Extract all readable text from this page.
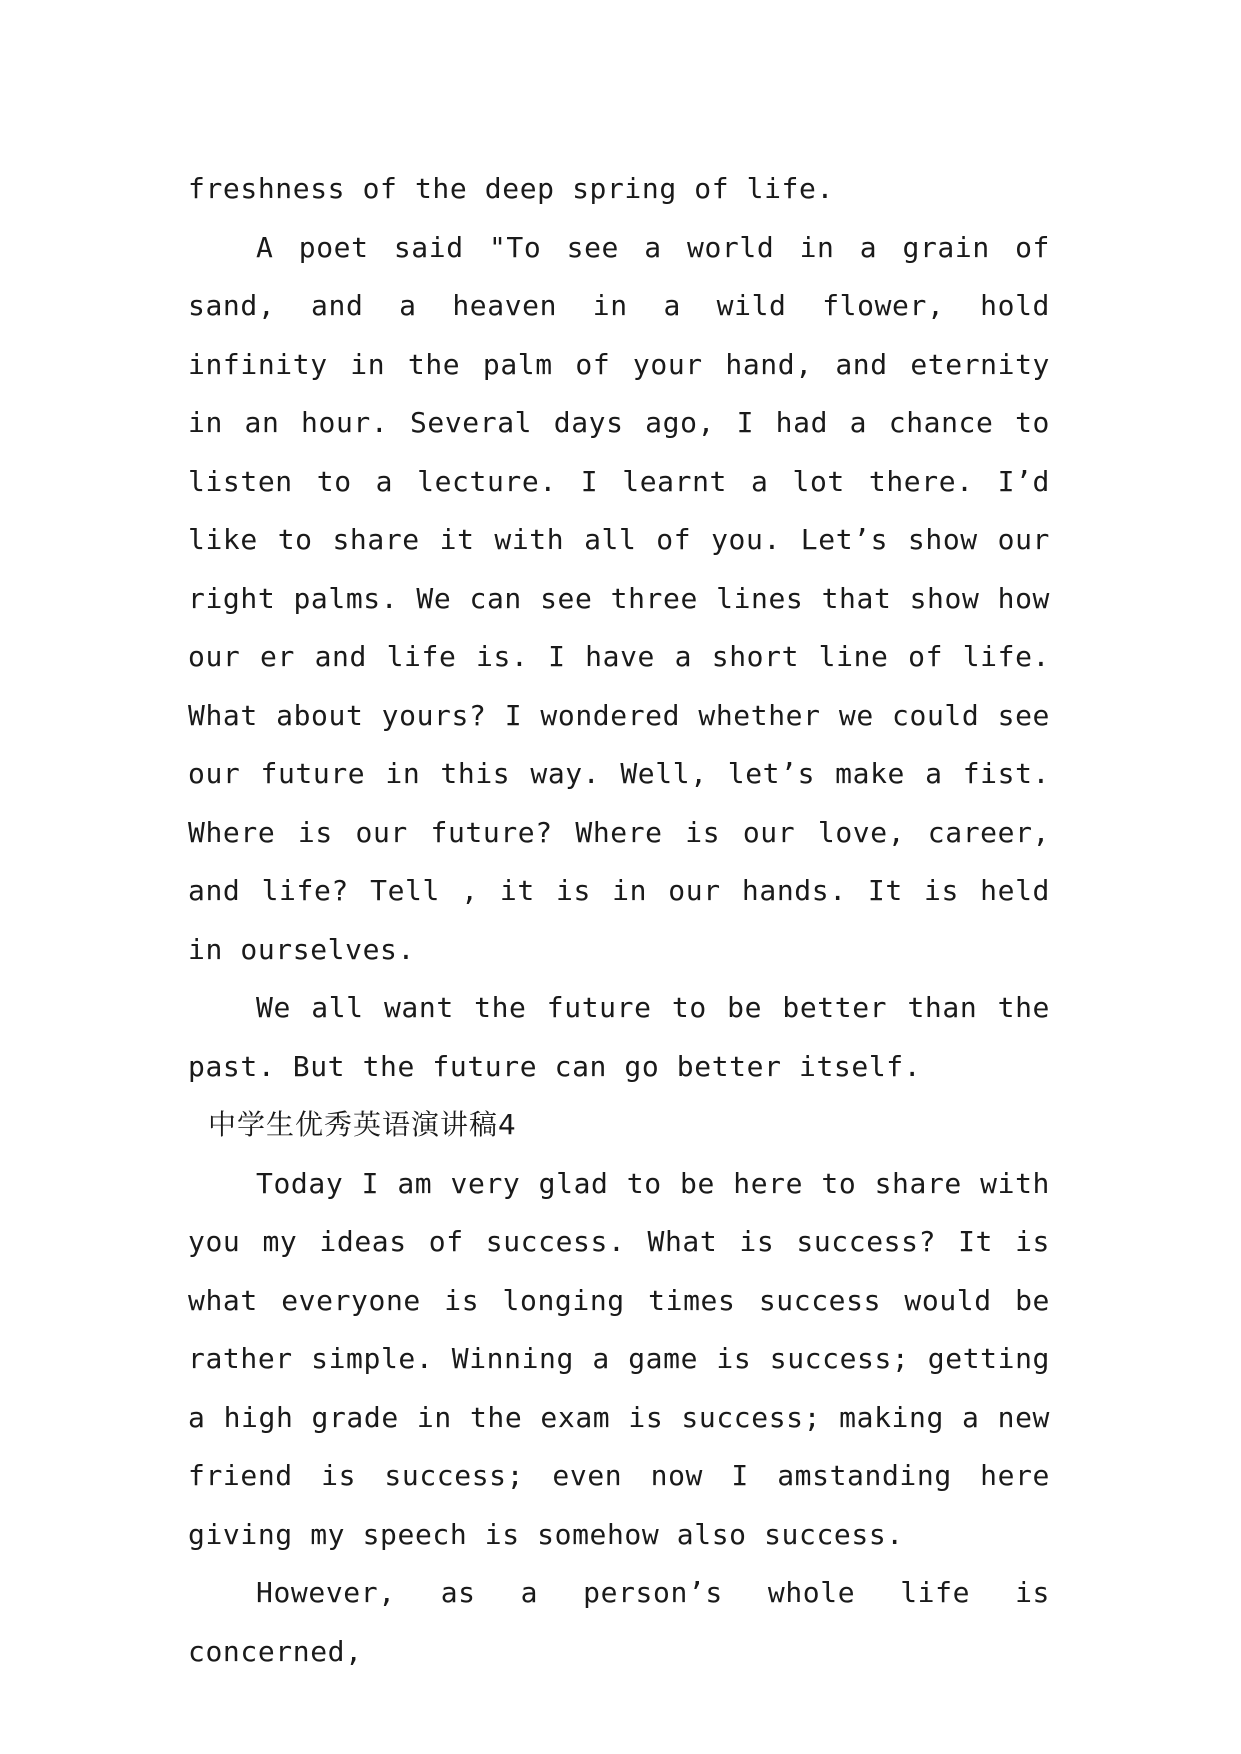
freshness of the deep spring of life.

A poet said "To see a world in a grain of sand, and a heaven in a wild flower, hold infinity in the palm of your hand, and eternity in an hour. Several days ago, I had a chance to listen to a lecture. I learnt a lot there. I’d like to share it with all of you. Let’s show our right palms. We can see three lines that show how our er and life is. I have a short line of life. What about yours? I wondered whether we could see our future in this way. Well, let’s make a fist. Where is our future? Where is our love, career, and life? Tell , it is in our hands. It is held in ourselves.

We all want the future to be better than the past. But the future can go better itself.

中学生优秀英语演讲稿4

Today I am very glad to be here to share with you my ideas of success. What is success? It is what everyone is longing times success would be rather simple. Winning a game is success; getting a high grade in the exam is success; making a new friend is success; even now I amstanding here giving my speech is somehow also success.

However, as a person’s whole life is concerned,
